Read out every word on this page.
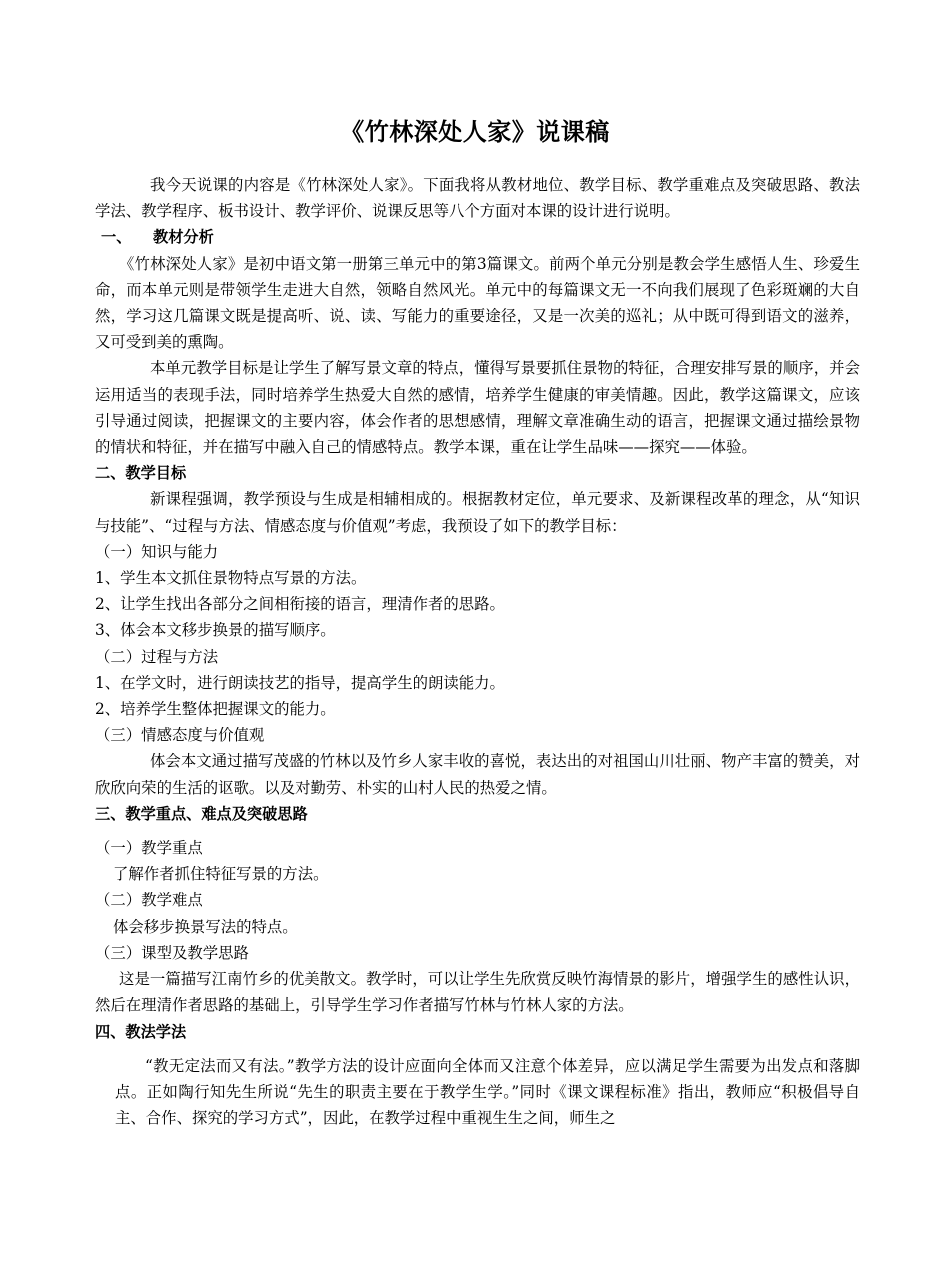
《竹林深处人家》说课稿

我今天说课的内容是《竹林深处人家》。下面我将从教材地位、教学目标、教学重难点及突破思路、教法学法、教学程序、板书设计、教学评价、说课反思等八个方面对本课的设计进行说明。

一、 教材分析

《竹林深处人家》是初中语文第一册第三单元中的第3篇课文。前两个单元分别是教会学生感悟人生、珍爱生命，而本单元则是带领学生走进大自然，领略自然风光。单元中的每篇课文无一不向我们展现了色彩斑斓的大自然，学习这几篇课文既是提高听、说、读、写能力的重要途径，又是一次美的巡礼；从中既可得到语文的滋养，又可受到美的熏陶。

本单元教学目标是让学生了解写景文章的特点，懂得写景要抓住景物的特征，合理安排写景的顺序，并会运用适当的表现手法，同时培养学生热爱大自然的感情，培养学生健康的审美情趣。因此，教学这篇课文，应该引导通过阅读，把握课文的主要内容，体会作者的思想感情，理解文章准确生动的语言，把握课文通过描绘景物的情状和特征，并在描写中融入自己的情感特点。教学本课，重在让学生品味——探究——体验。

二、教学目标

新课程强调，教学预设与生成是相辅相成的。根据教材定位，单元要求、及新课程改革的理念，从“知识与技能”、“过程与方法、情感态度与价值观”考虑，我预设了如下的教学目标：

（一）知识与能力

1、学生本文抓住景物特点写景的方法。

2、让学生找出各部分之间相衔接的语言，理清作者的思路。

3、体会本文移步换景的描写顺序。

（二）过程与方法

1、在学文时，进行朗读技艺的指导，提高学生的朗读能力。

2、培养学生整体把握课文的能力。

（三）情感态度与价值观

体会本文通过描写茂盛的竹林以及竹乡人家丰收的喜悦，表达出的对祖国山川壮丽、物产丰富的赞美，对欣欣向荣的生活的讴歌。以及对勤劳、朴实的山村人民的热爱之情。

三、教学重点、难点及突破思路

（一）教学重点

了解作者抓住特征写景的方法。

（二）教学难点

体会移步换景写法的特点。

（三）课型及教学思路

这是一篇描写江南竹乡的优美散文。教学时，可以让学生先欣赏反映竹海情景的影片，增强学生的感性认识，然后在理清作者思路的基础上，引导学生学习作者描写竹林与竹林人家的方法。

四、教法学法

“教无定法而又有法。”教学方法的设计应面向全体而又注意个体差异，应以满足学生需要为出发点和落脚点。正如陶行知先生所说“先生的职责主要在于教学生学。”同时《课文课程标准》指出，教师应“积极倡导自主、合作、探究的学习方式”，因此，在教学过程中重视生生之间，师生之
